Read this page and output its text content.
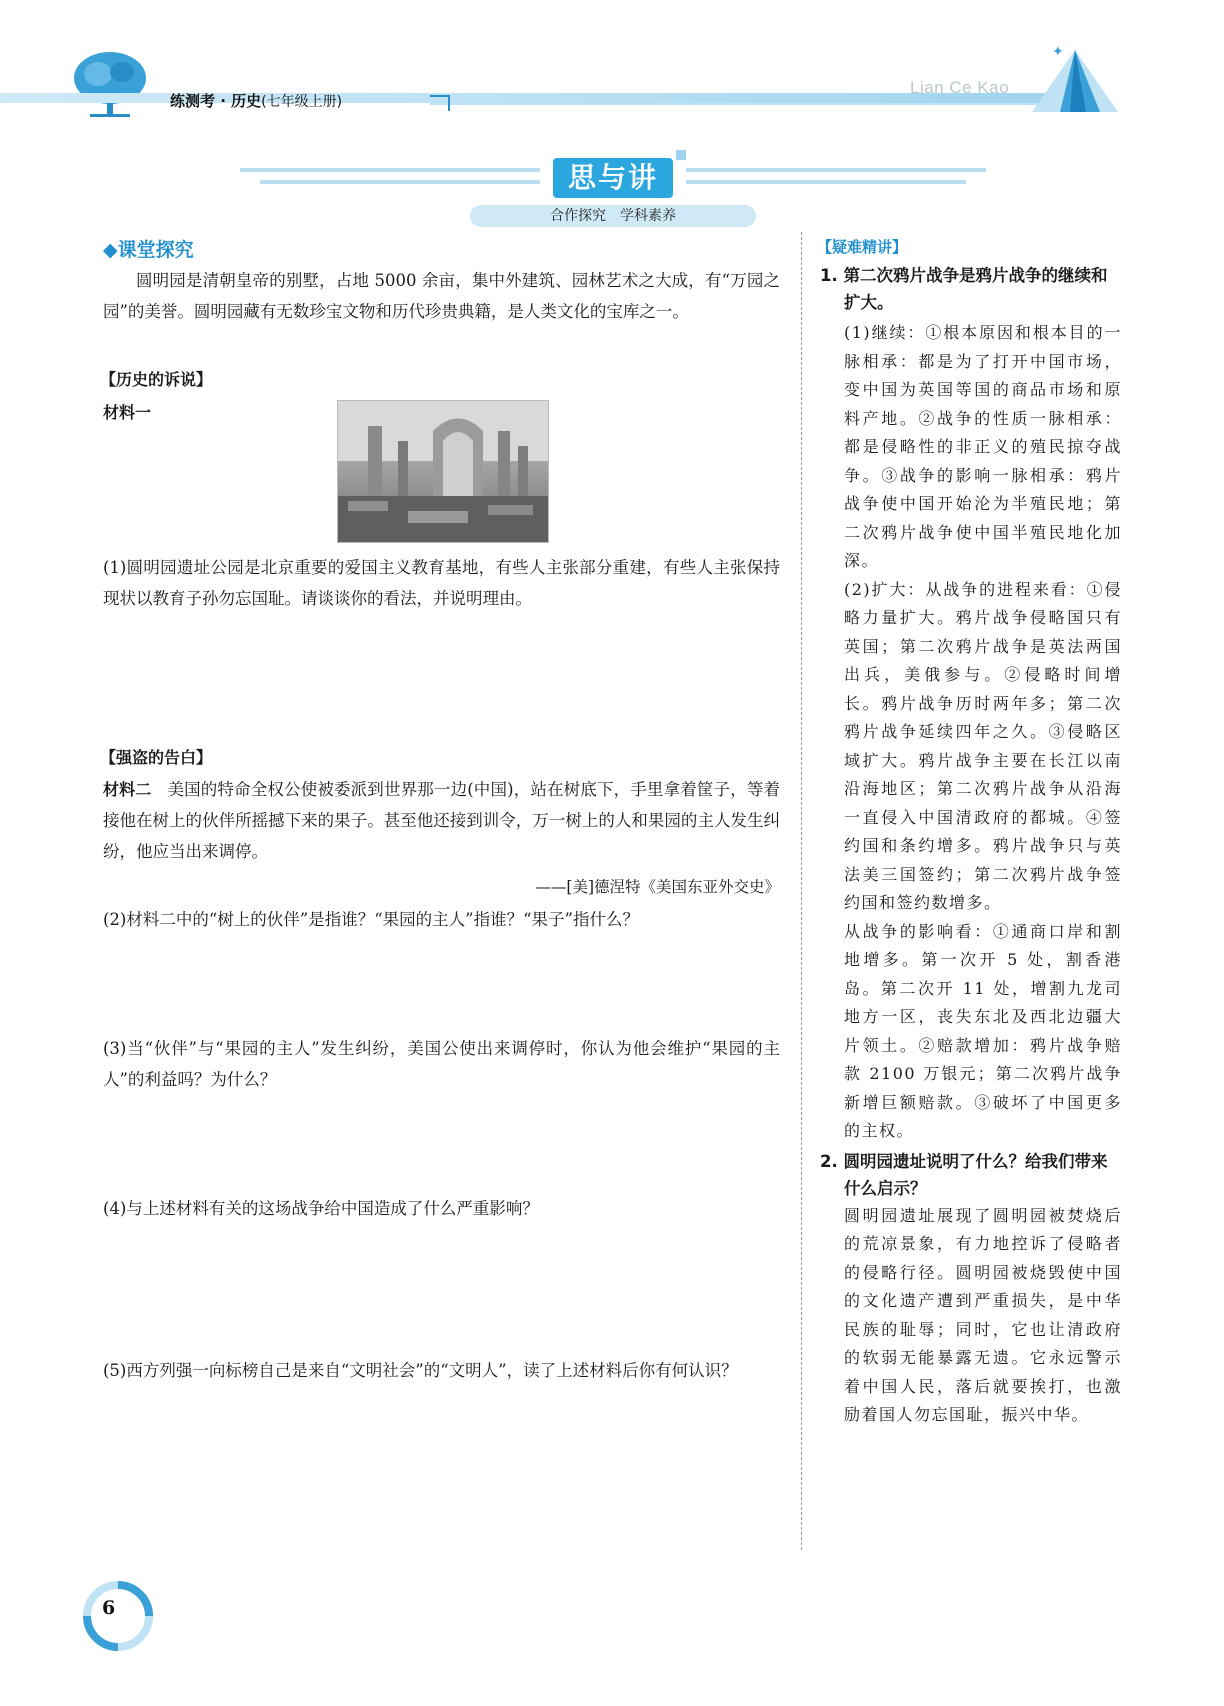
练测考 · 历史(七年级上册)
Lian Ce Kao
✦
思与讲
合作探究　学科素养
◆课堂探究
圆明园是清朝皇帝的别墅，占地 5000 余亩，集中外建筑、园林艺术之大成，有“万园之园”的美誉。圆明园藏有无数珍宝文物和历代珍贵典籍，是人类文化的宝库之一。
【历史的诉说】
材料一
(1)圆明园遗址公园是北京重要的爱国主义教育基地，有些人主张部分重建，有些人主张保持现状以教育子孙勿忘国耻。请谈谈你的看法，并说明理由。
【强盗的告白】
材料二 美国的特命全权公使被委派到世界那一边(中国)，站在树底下，手里拿着筐子，等着接他在树上的伙伴所摇撼下来的果子。甚至他还接到训令，万一树上的人和果园的主人发生纠纷，他应当出来调停。
——[美]德涅特《美国东亚外交史》
(2)材料二中的“树上的伙伴”是指谁？“果园的主人”指谁？“果子”指什么？
(3)当“伙伴”与“果园的主人”发生纠纷，美国公使出来调停时，你认为他会维护“果园的主人”的利益吗？为什么？
(4)与上述材料有关的这场战争给中国造成了什么严重影响？
(5)西方列强一向标榜自己是来自“文明社会”的“文明人”，读了上述材料后你有何认识？
【疑难精讲】
1. 第二次鸦片战争是鸦片战争的继续和扩大。
(1)继续：①根本原因和根本目的一脉相承：都是为了打开中国市场，变中国为英国等国的商品市场和原料产地。②战争的性质一脉相承：都是侵略性的非正义的殖民掠夺战争。③战争的影响一脉相承：鸦片战争使中国开始沦为半殖民地；第二次鸦片战争使中国半殖民地化加深。
(2)扩大：从战争的进程来看：①侵略力量扩大。鸦片战争侵略国只有英国；第二次鸦片战争是英法两国出兵，美俄参与。②侵略时间增长。鸦片战争历时两年多；第二次鸦片战争延续四年之久。③侵略区域扩大。鸦片战争主要在长江以南沿海地区；第二次鸦片战争从沿海一直侵入中国清政府的都城。④签约国和条约增多。鸦片战争只与英法美三国签约；第二次鸦片战争签约国和签约数增多。
从战争的影响看：①通商口岸和割地增多。第一次开 5 处，割香港岛。第二次开 11 处，增割九龙司地方一区，丧失东北及西北边疆大片领土。②赔款增加：鸦片战争赔款 2100 万银元；第二次鸦片战争新增巨额赔款。③破坏了中国更多的主权。
2. 圆明园遗址说明了什么？给我们带来什么启示？
圆明园遗址展现了圆明园被焚烧后的荒凉景象，有力地控诉了侵略者的侵略行径。圆明园被烧毁使中国的文化遗产遭到严重损失，是中华民族的耻辱；同时，它也让清政府的软弱无能暴露无遗。它永远警示着中国人民，落后就要挨打，也激励着国人勿忘国耻，振兴中华。
6
